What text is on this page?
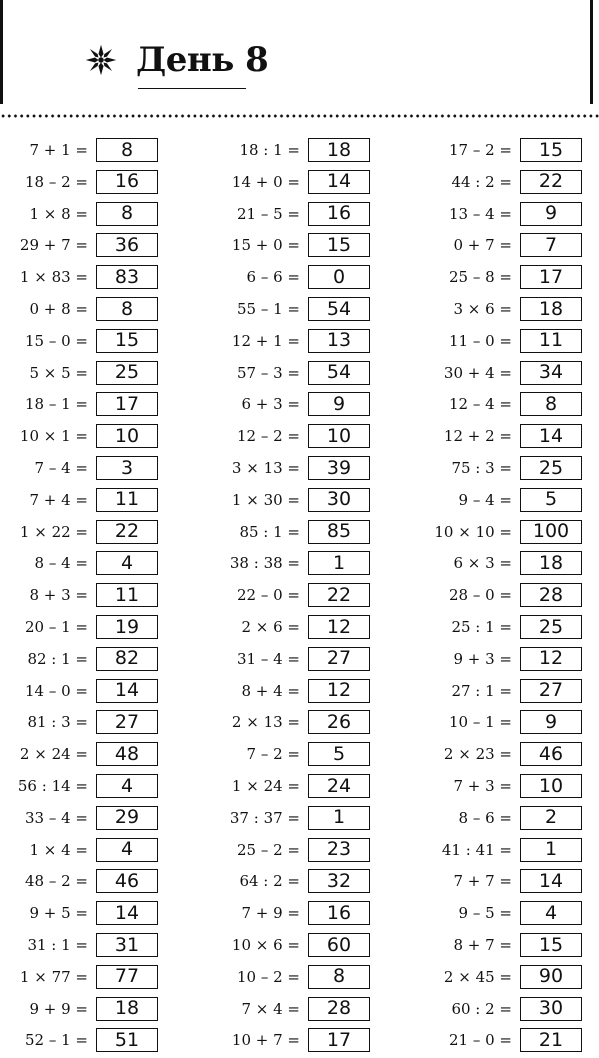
День 8
7 + 1 =	8
18 – 2 =	16
1 × 8 =	8
29 + 7 =	36
1 × 83 =	83
0 + 8 =	8
15 – 0 =	15
5 × 5 =	25
18 – 1 =	17
10 × 1 =	10
7 – 4 =	3
7 + 4 =	11
1 × 22 =	22
8 – 4 =	4
8 + 3 =	11
20 – 1 =	19
82 : 1 =	82
14 – 0 =	14
81 : 3 =	27
2 × 24 =	48
56 : 14 =	4
33 – 4 =	29
1 × 4 =	4
48 – 2 =	46
9 + 5 =	14
31 : 1 =	31
1 × 77 =	77
9 + 9 =	18
52 – 1 =	51
18 : 1 =	18
14 + 0 =	14
21 – 5 =	16
15 + 0 =	15
6 – 6 =	0
55 – 1 =	54
12 + 1 =	13
57 – 3 =	54
6 + 3 =	9
12 – 2 =	10
3 × 13 =	39
1 × 30 =	30
85 : 1 =	85
38 : 38 =	1
22 – 0 =	22
2 × 6 =	12
31 – 4 =	27
8 + 4 =	12
2 × 13 =	26
7 – 2 =	5
1 × 24 =	24
37 : 37 =	1
25 – 2 =	23
64 : 2 =	32
7 + 9 =	16
10 × 6 =	60
10 – 2 =	8
7 × 4 =	28
10 + 7 =	17
17 – 2 =	15
44 : 2 =	22
13 – 4 =	9
0 + 7 =	7
25 – 8 =	17
3 × 6 =	18
11 – 0 =	11
30 + 4 =	34
12 – 4 =	8
12 + 2 =	14
75 : 3 =	25
9 – 4 =	5
10 × 10 =	100
6 × 3 =	18
28 – 0 =	28
25 : 1 =	25
9 + 3 =	12
27 : 1 =	27
10 – 1 =	9
2 × 23 =	46
7 + 3 =	10
8 – 6 =	2
41 : 41 =	1
7 + 7 =	14
9 – 5 =	4
8 + 7 =	15
2 × 45 =	90
60 : 2 =	30
21 – 0 =	21
